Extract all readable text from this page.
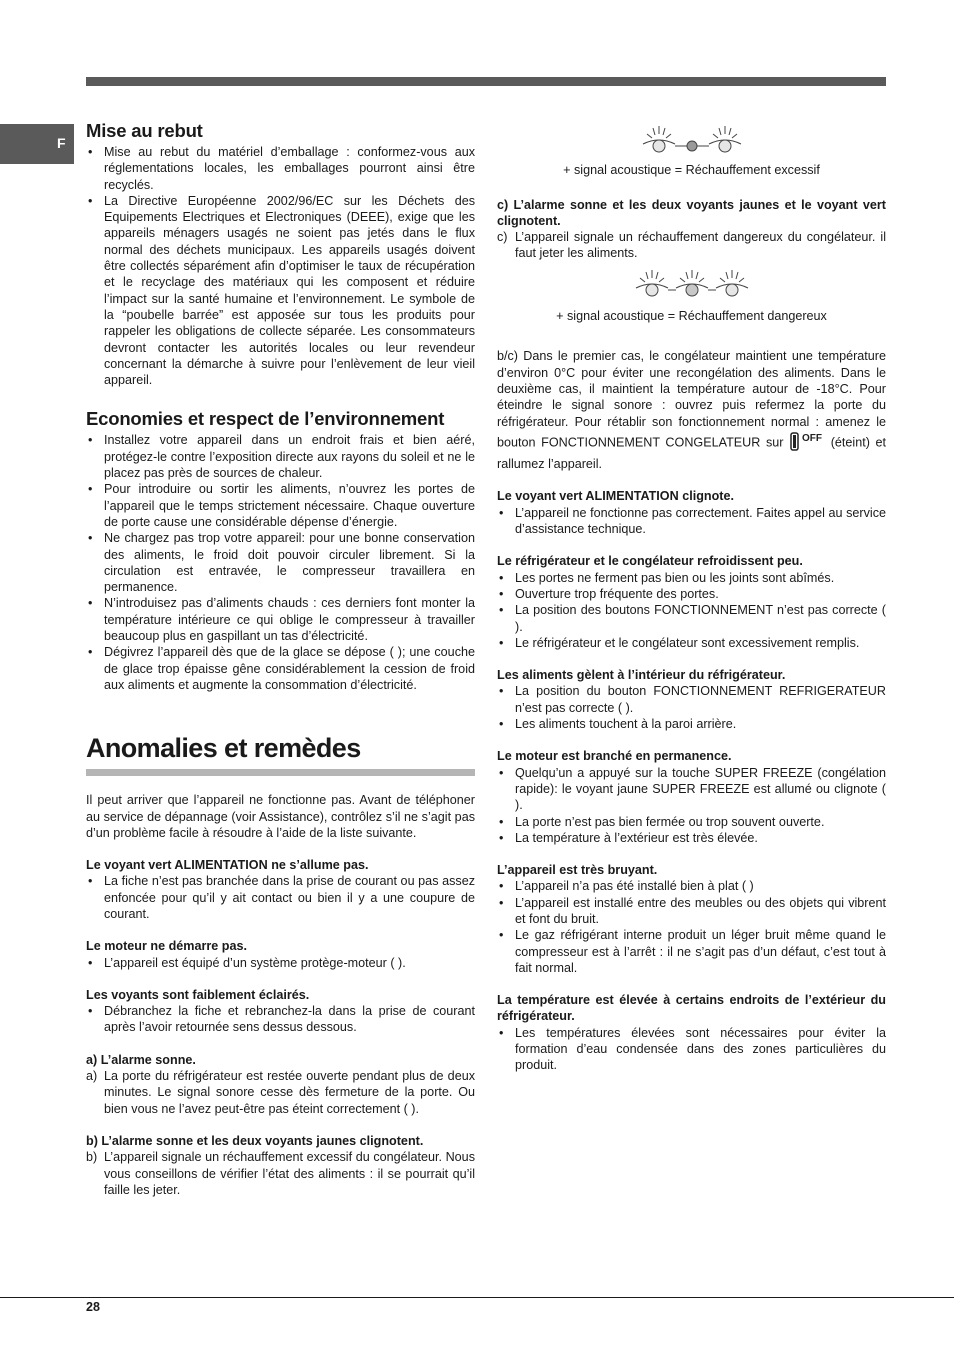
F
Mise au rebut
• Mise au rebut du matériel d’emballage : conformez-vous aux réglementations locales, les emballages pourront ainsi être recyclés.
• La Directive Européenne 2002/96/EC sur les Déchets des Equipements Electriques et Electroniques (DEEE), exige que les appareils ménagers usagés ne soient pas jetés dans le flux normal des déchets municipaux. Les appareils usagés doivent être collectés séparément afin d’optimiser le taux de récupération et le recyclage des matériaux qui les composent et réduire l’impact sur la santé humaine et l’environnement. Le symbole de la “poubelle barrée” est apposée sur tous les produits pour rappeler les obligations de collecte séparée. Les consommateurs devront contacter les autorités locales ou leur revendeur concernant la démarche à suivre pour l’enlèvement de leur vieil appareil.
Economies et respect de l’environnement
• Installez votre appareil dans un endroit frais et bien aéré, protégez-le contre l’exposition directe aux rayons du soleil et ne le placez pas près de sources de chaleur.
• Pour introduire ou sortir les aliments, n’ouvrez les portes de l’appareil que le temps strictement nécessaire. Chaque ouverture de porte cause une considérable dépense d’énergie.
• Ne chargez pas trop votre appareil: pour une bonne conservation des aliments, le froid doit pouvoir circuler librement. Si la circulation est entravée, le compresseur travaillera en permanence.
• N’introduisez pas d’aliments chauds : ces derniers font monter la température intérieure ce qui oblige le compresseur à travailler beaucoup plus en gaspillant un tas d’électricité.
• Dégivrez l’appareil dès que de la glace se dépose ( ); une couche de glace trop épaisse gêne considérablement la cession de froid aux aliments et augmente la consommation d’électricité.
Anomalies et remèdes

Il peut arriver que l’appareil ne fonctionne pas. Avant de téléphoner au service de dépannage (voir Assistance), contrôlez s’il ne s’agit pas d’un problème facile à résoudre à l’aide de la liste suivante.

Le voyant vert ALIMENTATION ne s’allume pas.

• La fiche n’est pas branchée dans la prise de courant ou pas assez enfoncée pour qu’il y ait contact ou bien il y a une coupure de courant.

Le moteur ne démarre pas.

• L’appareil est équipé d’un système protège-moteur ( ).

Les voyants sont faiblement éclairés.

• Débranchez la fiche et rebranchez-la dans la prise de courant après l’avoir retournée sens dessus dessous.

a) L’alarme sonne.

a) La porte du réfrigérateur est restée ouverte pendant plus de deux minutes. Le signal sonore cesse dès fermeture de la porte. Ou bien vous ne l’avez peut-être pas éteint correctement ( ).

b) L’alarme sonne et les deux voyants jaunes clignotent.

b) L’appareil signale un réchauffement excessif du congélateur. Nous vous conseillons de vérifier l’état des aliments : il se pourrait qu’il faille les jeter.

+ signal acoustique = Réchauffement excessif

c) L’alarme sonne et les deux voyants jaunes et le voyant vert clignotent.

c) L’appareil signale un réchauffement dangereux du congélateur. il faut jeter les aliments.

+ signal acoustique = Réchauffement dangereux

b/c) Dans le premier cas, le congélateur maintient une température d’environ 0°C pour éviter une recongélation des aliments. Dans le deuxième cas, il maintient la température autour de -18°C. Pour éteindre le signal sonore : ouvrez puis refermez la porte du réfrigérateur. Pour rétablir son fonctionnement normal : amenez le bouton FONCTIONNEMENT CONGELATEUR sur OFF (éteint) et rallumez l’appareil.

Le voyant vert ALIMENTATION clignote.

• L’appareil ne fonctionne pas correctement. Faites appel au service d’assistance technique.

Le réfrigérateur et le congélateur refroidissent peu.

• Les portes ne ferment pas bien ou les joints sont abîmés.
• Ouverture trop fréquente des portes.
• La position des boutons FONCTIONNEMENT n’est pas correcte ( ).
• Le réfrigérateur et le congélateur sont excessivement remplis.

Les aliments gèlent à l’intérieur du réfrigérateur.

• La position du bouton FONCTIONNEMENT REFRIGERATEUR n’est pas correcte ( ).
• Les aliments touchent à la paroi arrière.

Le moteur est branché en permanence.

• Quelqu’un a appuyé sur la touche SUPER FREEZE (congélation rapide): le voyant jaune SUPER FREEZE est allumé ou clignote ( ).
• La porte n’est pas bien fermée ou trop souvent ouverte.
• La température à l’extérieur est très élevée.

L’appareil est très bruyant.

• L’appareil n’a pas été installé bien à plat ( )
• L’appareil est installé entre des meubles ou des objets qui vibrent et font du bruit.
• Le gaz réfrigérant interne produit un léger bruit même quand le compresseur est à l’arrêt : il ne s’agit pas d’un défaut, c’est tout à fait normal.

La température est élevée à certains endroits de l’extérieur du réfrigérateur.

• Les températures élevées sont nécessaires pour éviter la formation d’eau condensée dans des zones particulières du produit.
28
